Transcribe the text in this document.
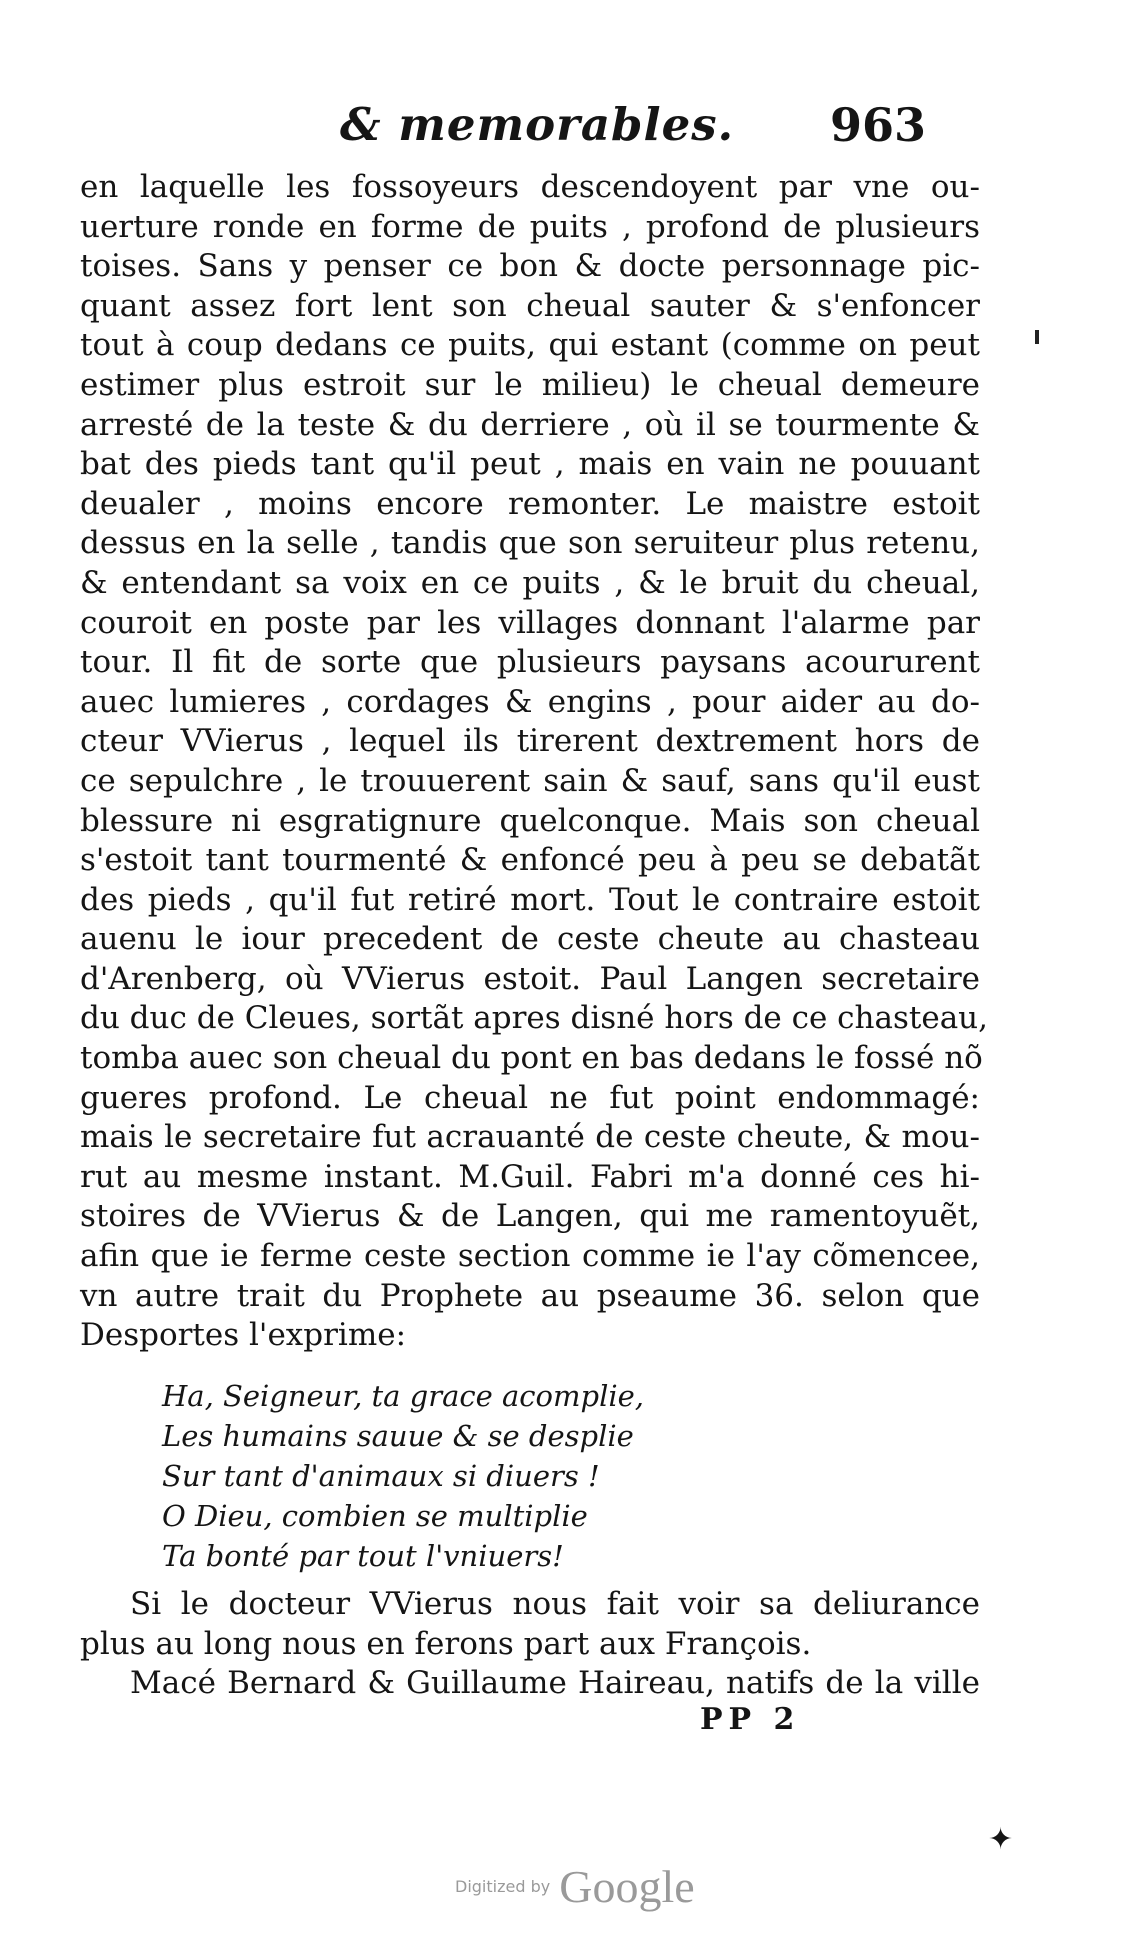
& memorables. 963
en laquelle les fossoyeurs descendoyent par vne ou-
uerture ronde en forme de puits , profond de plusieurs
toises. Sans y penser ce bon & docte personnage pic-
quant assez fort lent son cheual sauter & s'enfoncer
tout à coup dedans ce puits, qui estant (comme on peut
estimer plus estroit sur le milieu) le cheual demeure
arresté de la teste & du derriere , où il se tourmente &
bat des pieds tant qu'il peut , mais en vain ne pouuant
deualer , moins encore remonter. Le maistre estoit
dessus en la selle , tandis que son seruiteur plus retenu,
& entendant sa voix en ce puits , & le bruit du cheual,
couroit en poste par les villages donnant l'alarme par
tour. Il fit de sorte que plusieurs paysans acoururent
auec lumieres , cordages & engins , pour aider au do-
cteur VVierus , lequel ils tirerent dextrement hors de
ce sepulchre , le trouuerent sain & sauf, sans qu'il eust
blessure ni esgratignure quelconque. Mais son cheual
s'estoit tant tourmenté & enfoncé peu à peu se debatãt
des pieds , qu'il fut retiré mort. Tout le contraire estoit
auenu le iour precedent de ceste cheute au chasteau
d'Arenberg, où VVierus estoit. Paul Langen secretaire
du duc de Cleues, sortãt apres disné hors de ce chasteau,
tomba auec son cheual du pont en bas dedans le fossé nõ
gueres profond. Le cheual ne fut point endommagé:
mais le secretaire fut acrauanté de ceste cheute, & mou-
rut au mesme instant. M.Guil. Fabri m'a donné ces hi-
stoires de VVierus & de Langen, qui me ramentoyuẽt,
afin que ie ferme ceste section comme ie l'ay cõmencee,
vn autre trait du Prophete au pseaume 36. selon que
Desportes l'exprime:
Ha, Seigneur, ta grace acomplie,
Les humains sauue & se desplie
Sur tant d'animaux si diuers !
O Dieu, combien se multiplie
Ta bonté par tout l'vniuers!
Si le docteur VVierus nous fait voir sa deliurance
plus au long nous en ferons part aux François.
Macé Bernard & Guillaume Haireau, natifs de la ville
PP 2
✦
Digitized by Google
